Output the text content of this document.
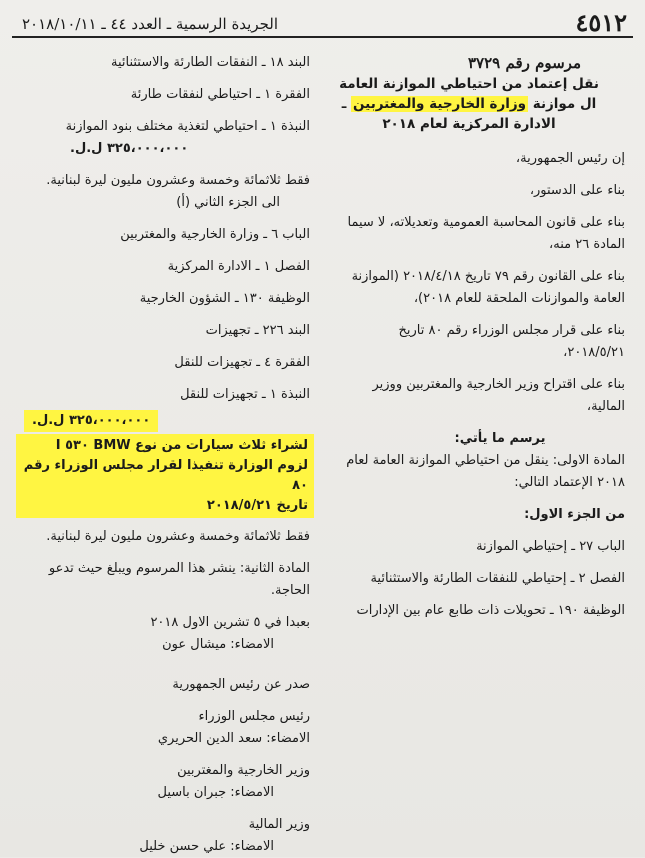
٤٥١٢
الجريدة الرسمية ـ العدد ٤٤ ـ ٢٠١٨/١٠/١١

مرسوم رقم ٣٧٢٩

نقل إعتماد من احتياطي الموازنة العامة

ال موازنة وزارة الخارجية والمغتربين ـ

الادارة المركزية لعام ٢٠١٨

إن رئيس الجمهورية،

بناء على الدستور،

بناء على قانون المحاسبة العمومية وتعديلاته، لا سيما المادة ٢٦ منه،

بناء على القانون رقم ٧٩ تاريخ ٢٠١٨/٤/١٨ (الموازنة العامة والموازنات الملحقة للعام ٢٠١٨)،

بناء على قرار مجلس الوزراء رقم ٨٠ تاريخ ٢٠١٨/٥/٢١،

بناء على اقتراح وزير الخارجية والمغتربين ووزير المالية،

يرسم ما يأتي:

المادة الاولى: ينقل من احتياطي الموازنة العامة لعام ٢٠١٨ الإعتماد التالي:

من الجزء الاول:

الباب ٢٧ ـ إحتياطي الموازنة

الفصل ٢ ـ إحتياطي للنفقات الطارئة والاستثنائية

الوظيفة ١٩٠ ـ تحويلات ذات طابع عام بين الإدارات

البند ١٨ ـ النفقات الطارئة والاستثنائية

الفقرة ١ ـ احتياطي لنفقات طارئة

النبذة ١ ـ احتياطي لتغذية مختلف بنود الموازنة

٣٢٥،٠٠٠،٠٠٠ ل.ل.

فقط ثلاثمائة وخمسة وعشرون مليون ليرة لبنانية.

الى الجزء الثاني (أ)

الباب ٦ ـ وزارة الخارجية والمغتربين

الفصل ١ ـ الادارة المركزية

الوظيفة ١٣٠ ـ الشؤون الخارجية

البند ٢٢٦ ـ تجهيزات

الفقرة ٤ ـ تجهيزات للنقل

النبذة ١ ـ تجهيزات للنقل

٣٢٥،٠٠٠،٠٠٠ ل.ل.

لشراء ثلاث سيارات من نوع BMW ٥٣٠ I

لزوم الوزارة تنفيذا لقرار مجلس الوزراء رقم ٨٠

تاريخ ٢٠١٨/٥/٢١

فقط ثلاثمائة وخمسة وعشرون مليون ليرة لبنانية.

المادة الثانية: ينشر هذا المرسوم ويبلغ حيث تدعو الحاجة.

بعبدا في ٥ تشرين الاول ٢٠١٨

الامضاء: ميشال عون

صدر عن رئيس الجمهورية

رئيس مجلس الوزراء

الامضاء: سعد الدين الحريري

وزير الخارجية والمغتربين

الامضاء: جبران باسيل

وزير المالية

الامضاء: علي حسن خليل
